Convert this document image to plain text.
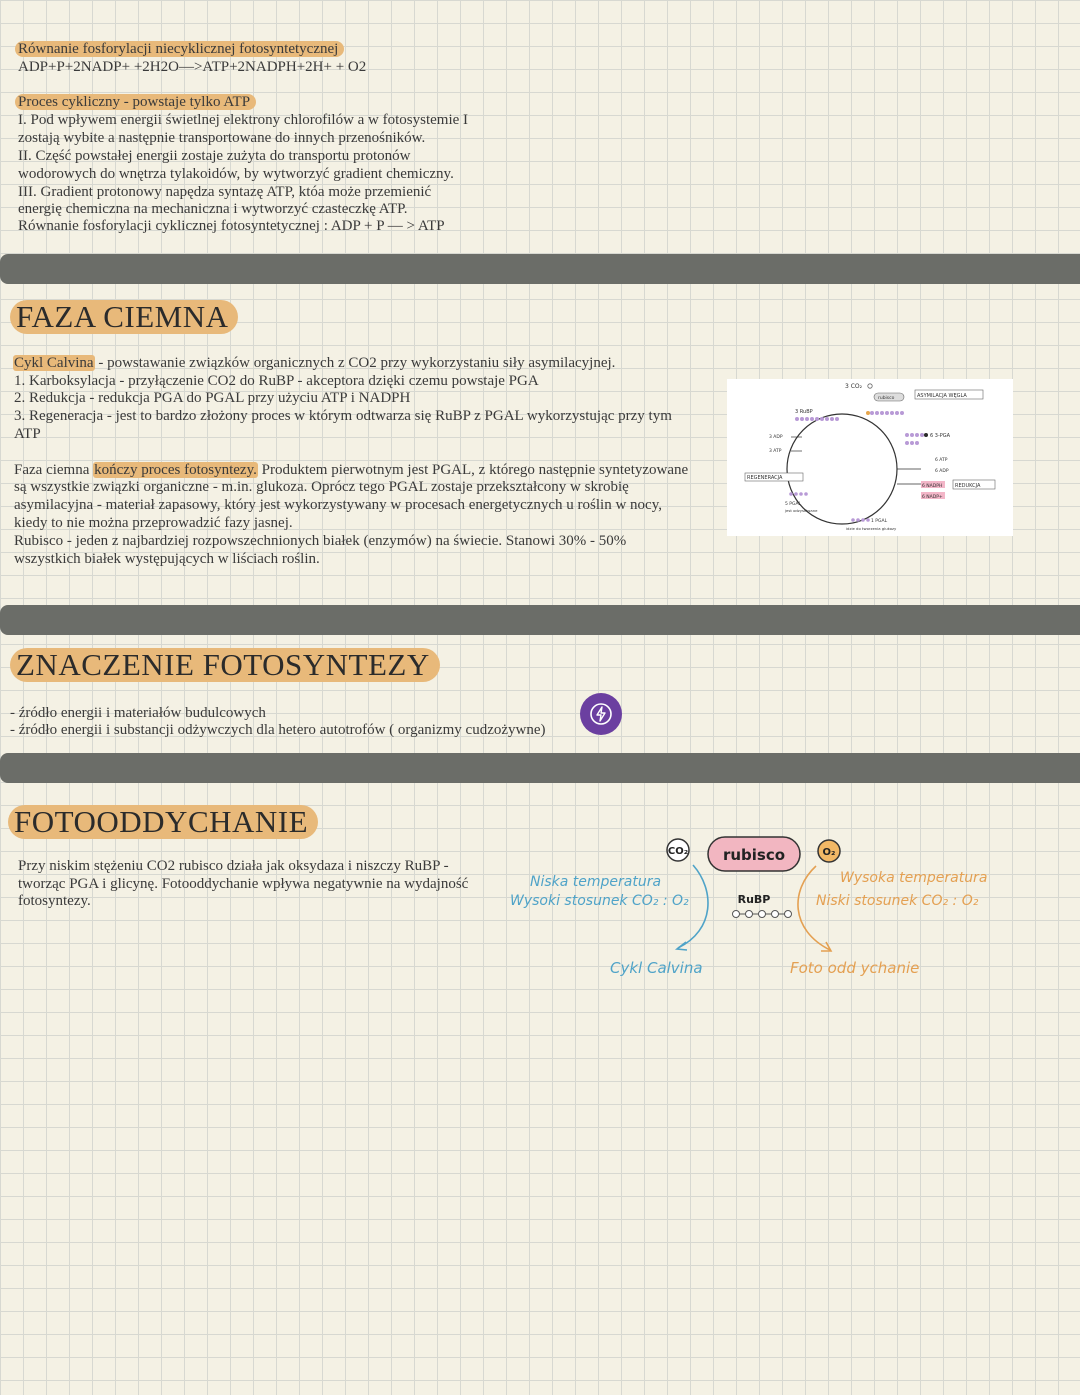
Równanie fosforylacji niecyklicznej fotosyntetycznej
ADP+P+2NADP+ +2H2O—>ATP+2NADPH+2H+ + O2
Proces cykliczny - powstaje tylko ATP
I. Pod wpływem energii świetlnej elektrony chlorofilów a w fotosystemie I
zostają wybite a następnie transportowane do innych przenośników.
II. Część powstałej energii zostaje zużyta do transportu protonów
wodorowych do wnętrza tylakoidów, by wytworzyć gradient chemiczny.
III. Gradient protonowy napędza syntazę ATP, któa może przemienić
energię chemiczna na mechaniczna i wytworzyć czasteczkę ATP.
Równanie fosforylacji cyklicznej fotosyntetycznej : ADP + P — > ATP
FAZA CIEMNA
Cykl Calvina - powstawanie związków organicznych z CO2 przy wykorzystaniu siły asymilacyjnej.
1. Karboksylacja - przyłączenie CO2 do RuBP - akceptora dzięki czemu powstaje PGA
2. Redukcja - redukcja PGA do PGAL przy użyciu ATP i NADPH
3. Regeneracja - jest to bardzo złożony proces w którym odtwarza się RuBP z PGAL wykorzystując przy tym
ATP
Faza ciemna kończy proces fotosyntezy. Produktem pierwotnym jest PGAL, z którego następnie syntetyzowane
są wszystkie związki organiczne - m.in. glukoza. Oprócz tego PGAL zostaje przekształcony w skrobię
asymilacyjna - materiał zapasowy, który jest wykorzystywany w procesach energetycznych u roślin w nocy,
kiedy to nie można przeprowadzić fazy jasnej.
Rubisco - jeden z najbardziej rozpowszechnionych białek (enzymów) na świecie. Stanowi 30% - 50%
wszystkich białek występujących w liściach roślin.
3 CO₂
rubisco	ASYMILACJA WĘGLA
3 RuBP
6 3-PGA
3 ADP
3 ATP
REGENERACJA
6 ATP
6 ADP
6 NADPH
6 NADP+
REDUKCJA
5 PGAL
jest odzyskiwane
1 PGAL
idzie do tworzenia glukozy
ZNACZENIE FOTOSYNTEZY
- źródło energii i materiałów budulcowych
- źródło energii i substancji odżywczych dla hetero autotrofów ( organizmy cudzożywne)
FOTOODDYCHANIE
Przy niskim stężeniu CO2 rubisco działa jak oksydaza i niszczy RuBP -
tworząc PGA i glicynę. Fotooddychanie wpływa negatywnie na wydajność
fotosyntezy.
CO₂ rubisco	O₂
RuBP
Niska temperatura
Wysoki stosunek CO₂ : O₂
Wysoka temperatura
Niski stosunek CO₂ : O₂
Cykl Calvina	Foto odd ychanie
